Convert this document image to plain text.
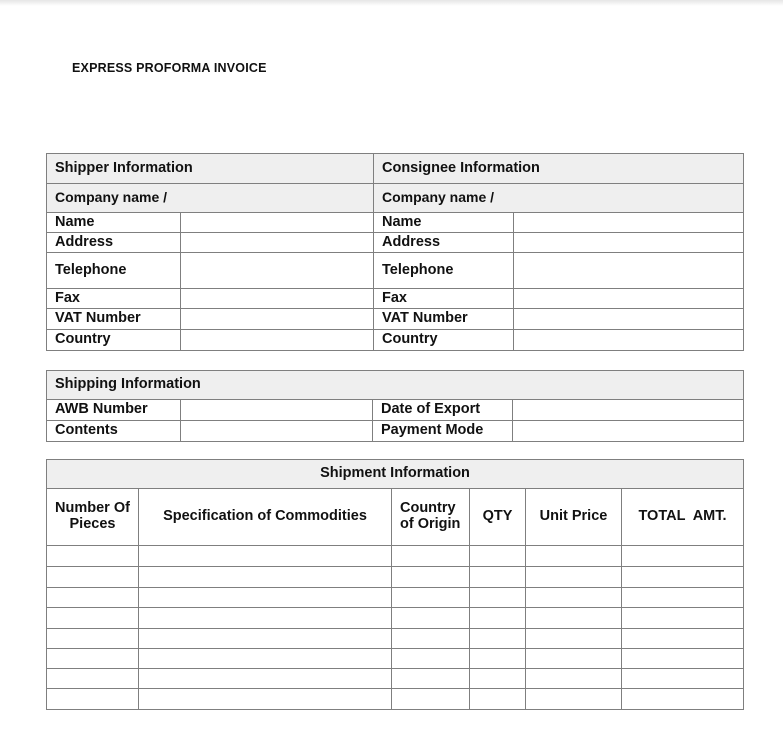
EXPRESS PROFORMA INVOICE
Shipper Information		Consignee Information	
Company name /		Company name /	
Name		Name	
Address		Address	
Telephone		Telephone	
Fax		Fax	
VAT Number		VAT Number	
Country		Country	
Shipping Information			
AWB Number		Date of Export	
Contents		Payment Mode	
Shipment Information					
Number Of Pieces	Specification of Commodities	Country of Origin	QTY	Unit Price	TOTAL  AMT.
